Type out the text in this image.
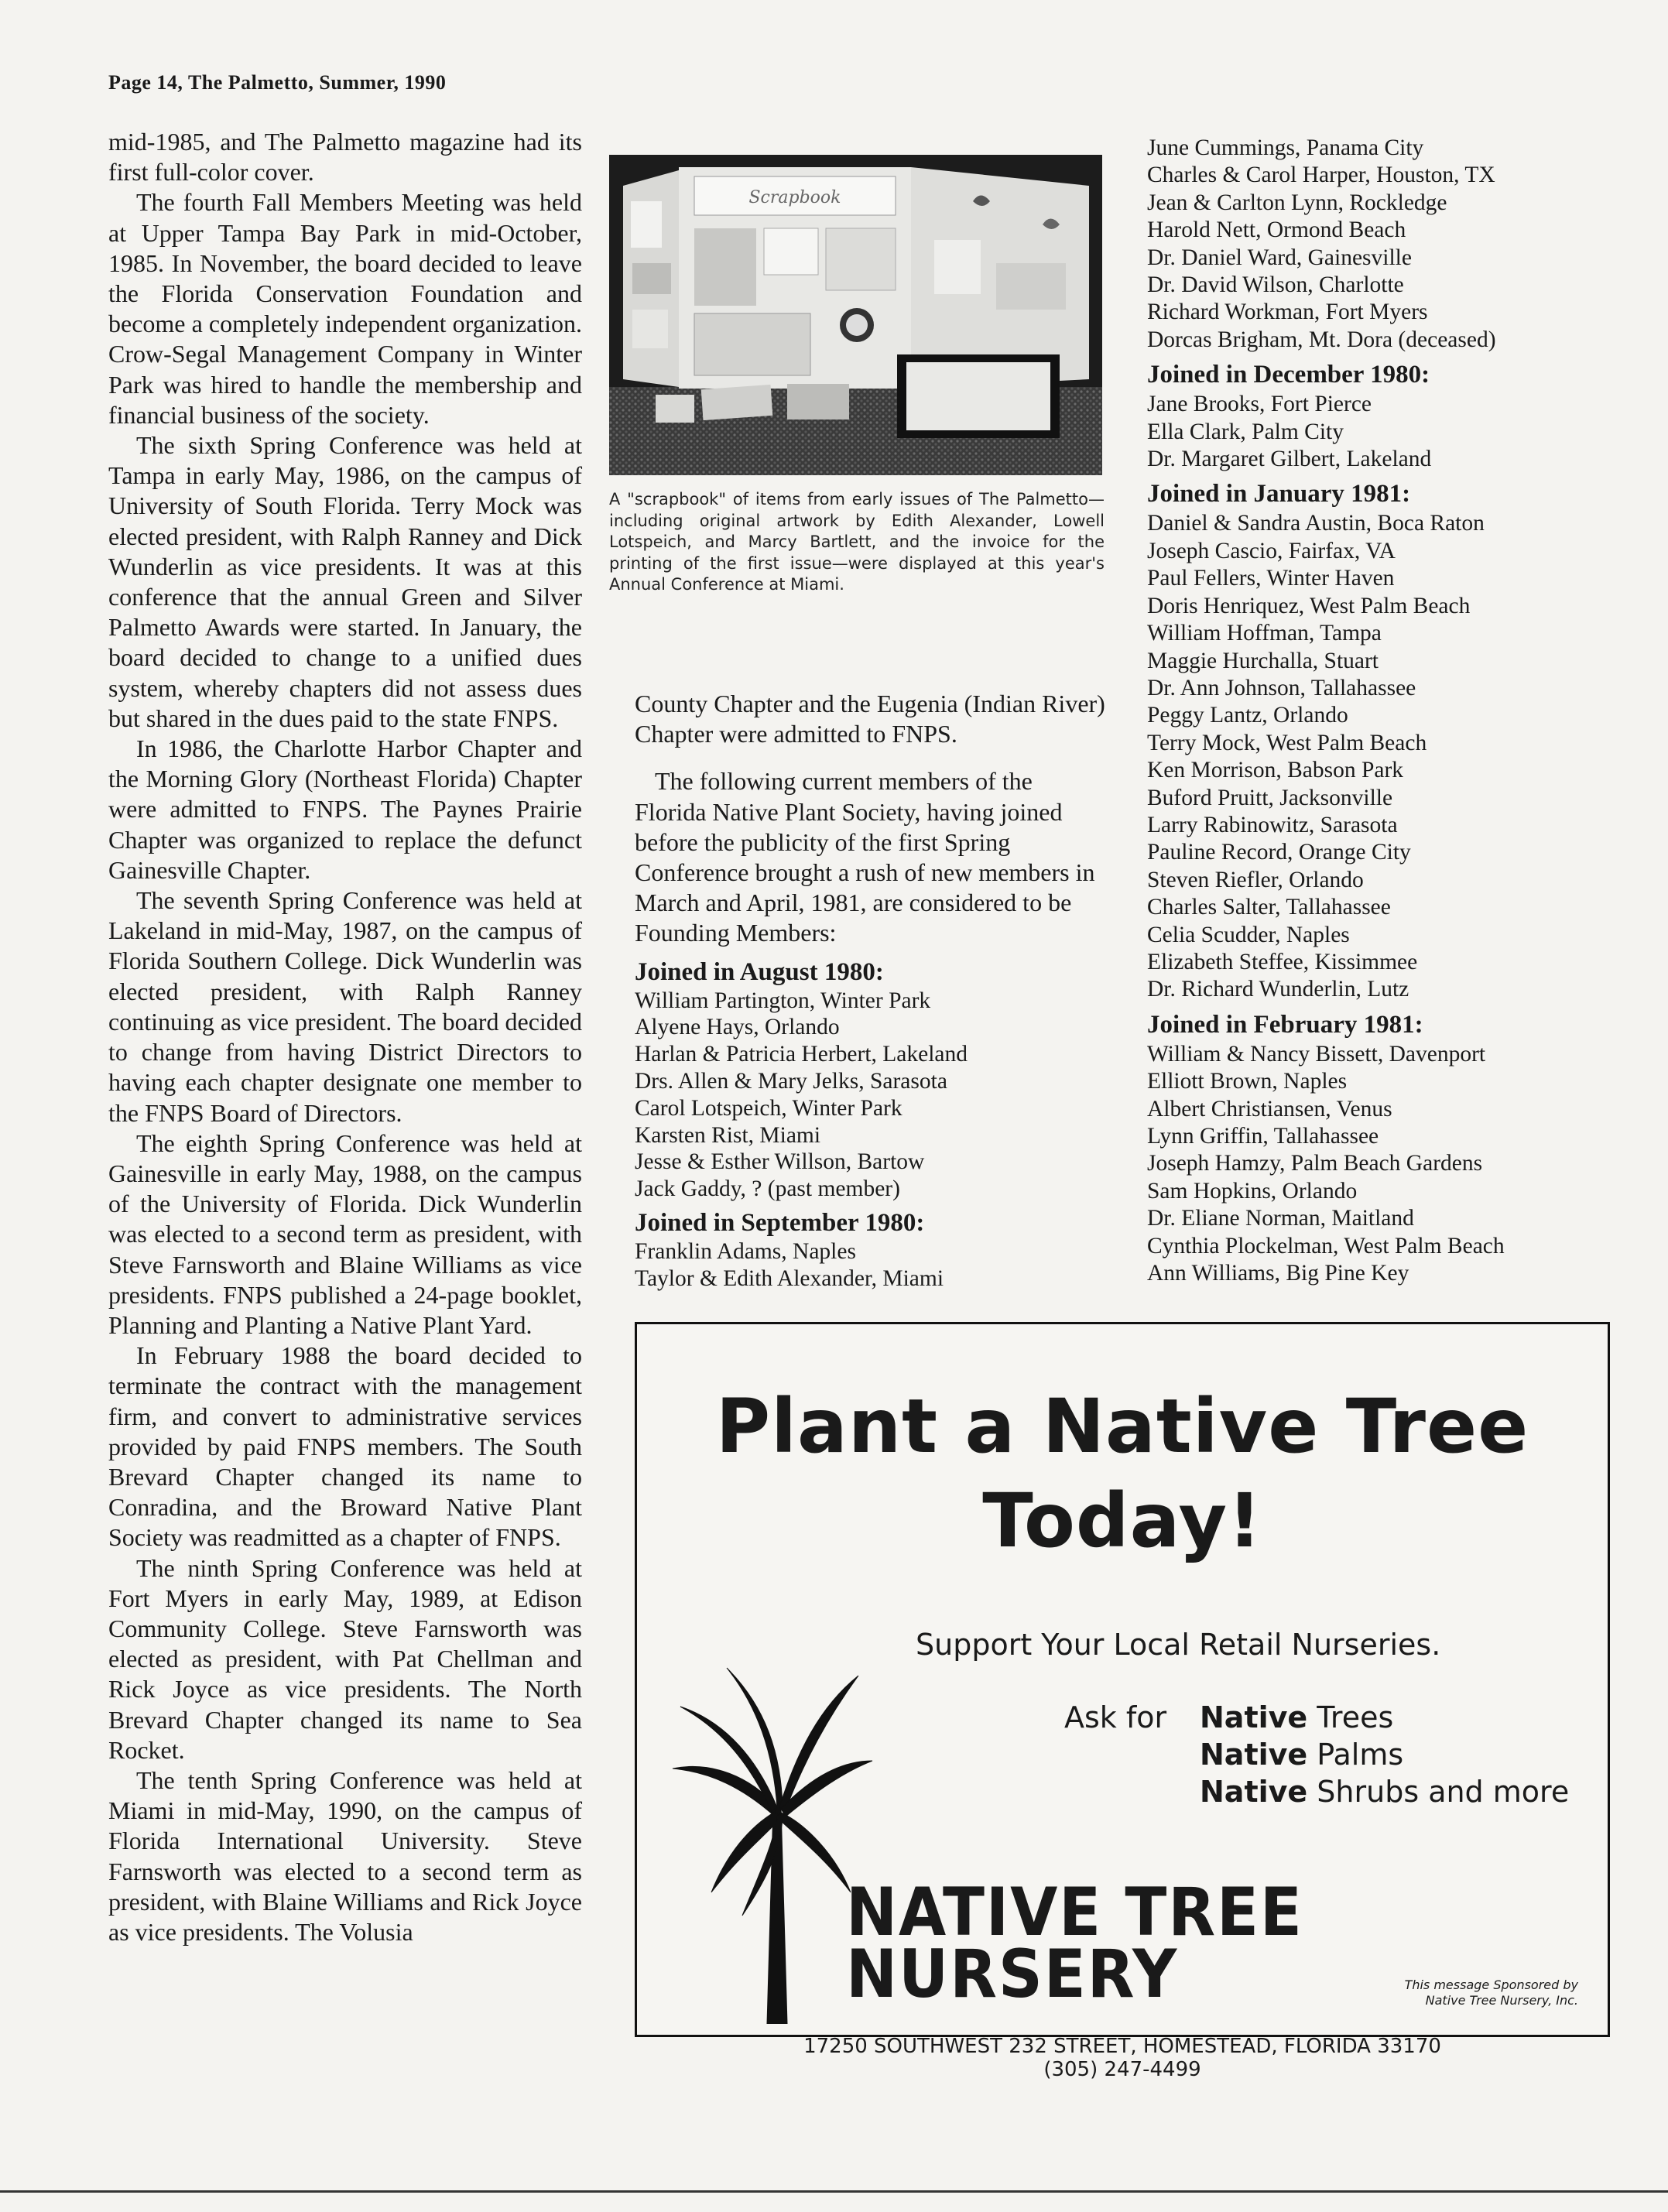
Page 14, The Palmetto, Summer, 1990

mid-1985, and The Palmetto magazine had its first full-color cover.

The fourth Fall Members Meeting was held at Upper Tampa Bay Park in mid-October, 1985. In November, the board decided to leave the Florida Conservation Foundation and become a completely independent organization. Crow-Segal Management Company in Winter Park was hired to handle the membership and financial business of the society.

The sixth Spring Conference was held at Tampa in early May, 1986, on the campus of University of South Florida. Terry Mock was elected president, with Ralph Ranney and Dick Wunderlin as vice presidents. It was at this conference that the annual Green and Silver Palmetto Awards were started. In January, the board decided to change to a unified dues system, whereby chapters did not assess dues but shared in the dues paid to the state FNPS.

In 1986, the Charlotte Harbor Chapter and the Morning Glory (Northeast Florida) Chapter were admitted to FNPS. The Paynes Prairie Chapter was organized to replace the defunct Gainesville Chapter.

The seventh Spring Conference was held at Lakeland in mid-May, 1987, on the campus of Florida Southern College. Dick Wunderlin was elected president, with Ralph Ranney continuing as vice president. The board decided to change from having District Directors to having each chapter designate one member to the FNPS Board of Directors.

The eighth Spring Conference was held at Gainesville in early May, 1988, on the campus of the University of Florida. Dick Wunderlin was elected to a second term as president, with Steve Farnsworth and Blaine Williams as vice presidents. FNPS published a 24-page booklet, Planning and Planting a Native Plant Yard.

In February 1988 the board decided to terminate the contract with the management firm, and convert to administrative services provided by paid FNPS members. The South Brevard Chapter changed its name to Conradina, and the Broward Native Plant Society was readmitted as a chapter of FNPS.

The ninth Spring Conference was held at Fort Myers in early May, 1989, at Edison Community College. Steve Farnsworth was elected as president, with Pat Chellman and Rick Joyce as vice presidents. The North Brevard Chapter changed its name to Sea Rocket.

The tenth Spring Conference was held at Miami in mid-May, 1990, on the campus of Florida International University. Steve Farnsworth was elected to a second term as president, with Blaine Williams and Rick Joyce as vice presidents. The Volusia

Scrapbook
A "scrapbook" of items from early issues of The Palmetto—including original artwork by Edith Alexander, Lowell Lotspeich, and Marcy Bartlett, and the invoice for the printing of the first issue—were displayed at this year's Annual Conference at Miami.

County Chapter and the Eugenia (Indian River) Chapter were admitted to FNPS.

The following current members of the Florida Native Plant Society, having joined before the publicity of the first Spring Conference brought a rush of new members in March and April, 1981, are considered to be Founding Members:

Joined in August 1980:
William Partington, Winter Park
Alyene Hays, Orlando
Harlan & Patricia Herbert, Lakeland
Drs. Allen & Mary Jelks, Sarasota
Carol Lotspeich, Winter Park
Karsten Rist, Miami
Jesse & Esther Willson, Bartow
Jack Gaddy, ? (past member)
Joined in September 1980:
Franklin Adams, Naples
Taylor & Edith Alexander, Miami
June Cummings, Panama City
Charles & Carol Harper, Houston, TX
Jean & Carlton Lynn, Rockledge
Harold Nett, Ormond Beach
Dr. Daniel Ward, Gainesville
Dr. David Wilson, Charlotte
Richard Workman, Fort Myers
Dorcas Brigham, Mt. Dora (deceased)
Joined in December 1980:
Jane Brooks, Fort Pierce
Ella Clark, Palm City
Dr. Margaret Gilbert, Lakeland
Joined in January 1981:
Daniel & Sandra Austin, Boca Raton
Joseph Cascio, Fairfax, VA
Paul Fellers, Winter Haven
Doris Henriquez, West Palm Beach
William Hoffman, Tampa
Maggie Hurchalla, Stuart
Dr. Ann Johnson, Tallahassee
Peggy Lantz, Orlando
Terry Mock, West Palm Beach
Ken Morrison, Babson Park
Buford Pruitt, Jacksonville
Larry Rabinowitz, Sarasota
Pauline Record, Orange City
Steven Riefler, Orlando
Charles Salter, Tallahassee
Celia Scudder, Naples
Elizabeth Steffee, Kissimmee
Dr. Richard Wunderlin, Lutz
Joined in February 1981:
William & Nancy Bissett, Davenport
Elliott Brown, Naples
Albert Christiansen, Venus
Lynn Griffin, Tallahassee
Joseph Hamzy, Palm Beach Gardens
Sam Hopkins, Orlando
Dr. Eliane Norman, Maitland
Cynthia Plockelman, West Palm Beach
Ann Williams, Big Pine Key
Plant a Native Tree
Today!
Support Your Local Retail Nurseries.
Ask for Native Trees
Native Palms
Native Shrubs and more
NATIVE TREE
NURSERY	This message Sponsored by
Native Tree Nursery, Inc.
17250 SOUTHWEST 232 STREET, HOMESTEAD, FLORIDA 33170
(305) 247-4499
